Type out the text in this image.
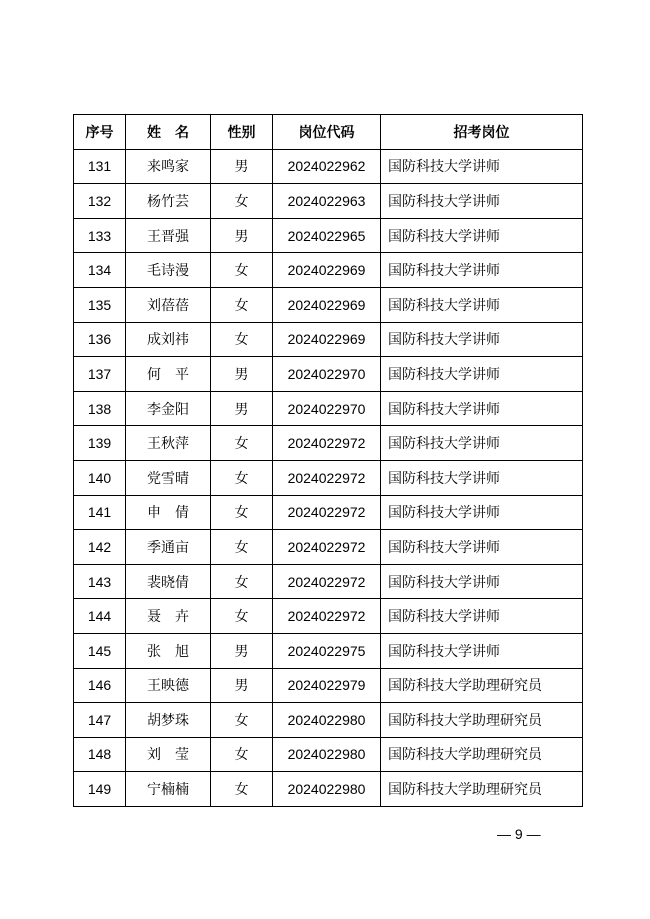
序号	姓　名	性别	岗位代码	招考岗位
131	来鸣家	男	2024022962	国防科技大学讲师
132	杨竹芸	女	2024022963	国防科技大学讲师
133	王晋强	男	2024022965	国防科技大学讲师
134	毛诗漫	女	2024022969	国防科技大学讲师
135	刘蓓蓓	女	2024022969	国防科技大学讲师
136	成刘祎	女	2024022969	国防科技大学讲师
137	何　平	男	2024022970	国防科技大学讲师
138	李金阳	男	2024022970	国防科技大学讲师
139	王秋萍	女	2024022972	国防科技大学讲师
140	党雪晴	女	2024022972	国防科技大学讲师
141	申　倩	女	2024022972	国防科技大学讲师
142	季通亩	女	2024022972	国防科技大学讲师
143	裴晓倩	女	2024022972	国防科技大学讲师
144	聂　卉	女	2024022972	国防科技大学讲师
145	张　旭	男	2024022975	国防科技大学讲师
146	王映德	男	2024022979	国防科技大学助理研究员
147	胡梦珠	女	2024022980	国防科技大学助理研究员
148	刘　莹	女	2024022980	国防科技大学助理研究员
149	宁楠楠	女	2024022980	国防科技大学助理研究员
— 9 —
